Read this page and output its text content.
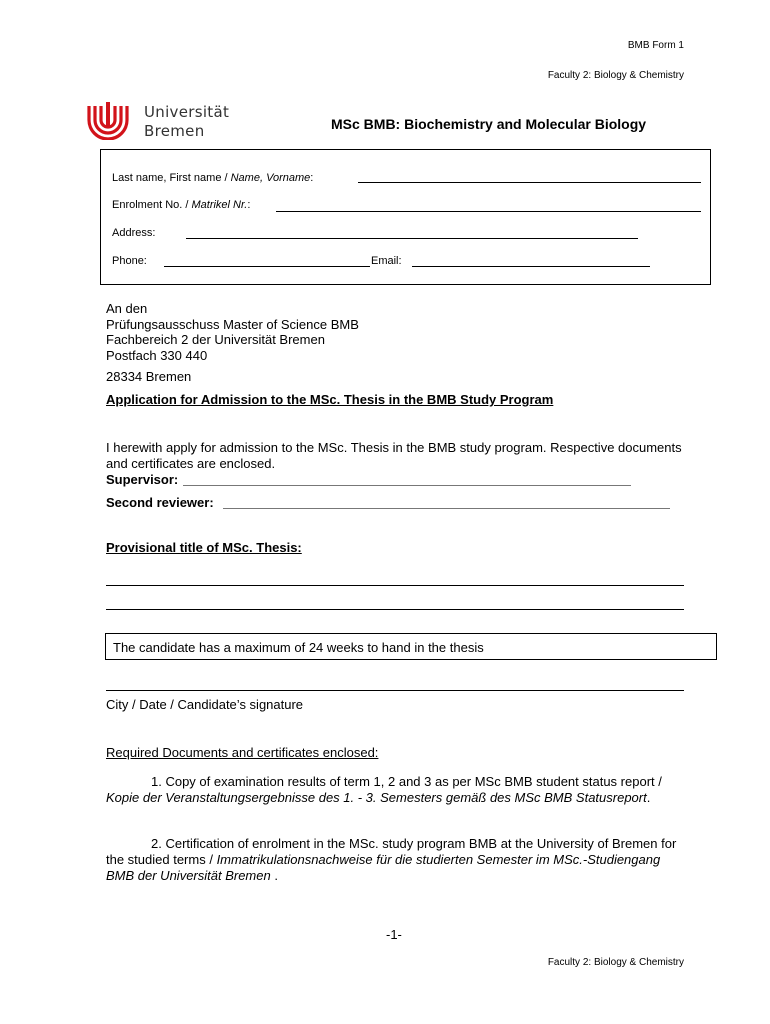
BMB Form 1
Faculty 2: Biology & Chemistry
Universität
Bremen	MSc BMB: Biochemistry and Molecular Biology
Last name, First name / Name, Vorname:
Enrolment No. / Matrikel Nr.:
Address:
Phone:	Email:
An den
Prüfungsausschuss Master of Science BMB
Fachbereich 2 der Universität Bremen
Postfach 330 440
28334 Bremen
Application for Admission to the MSc. Thesis in the BMB Study Program
I herewith apply for admission to the MSc. Thesis in the BMB study program. Respective documents and certificates are enclosed.
Supervisor:
Second reviewer:
Provisional title of MSc. Thesis:
The candidate has a maximum of 24 weeks to hand in the thesis
City / Date / Candidate’s signature
Required Documents and certificates enclosed:
1. Copy of examination results of term 1, 2 and 3 as per MSc BMB student status report / Kopie der Veranstaltungsergebnisse des 1. - 3. Semesters gemäß des MSc BMB Statusreport.
2. Certification of enrolment in the MSc. study program BMB at the University of Bremen for the studied terms / Immatrikulationsnachweise für die studierten Semester im MSc.-Studiengang BMB der Universität Bremen .
-1-
Faculty 2: Biology & Chemistry
